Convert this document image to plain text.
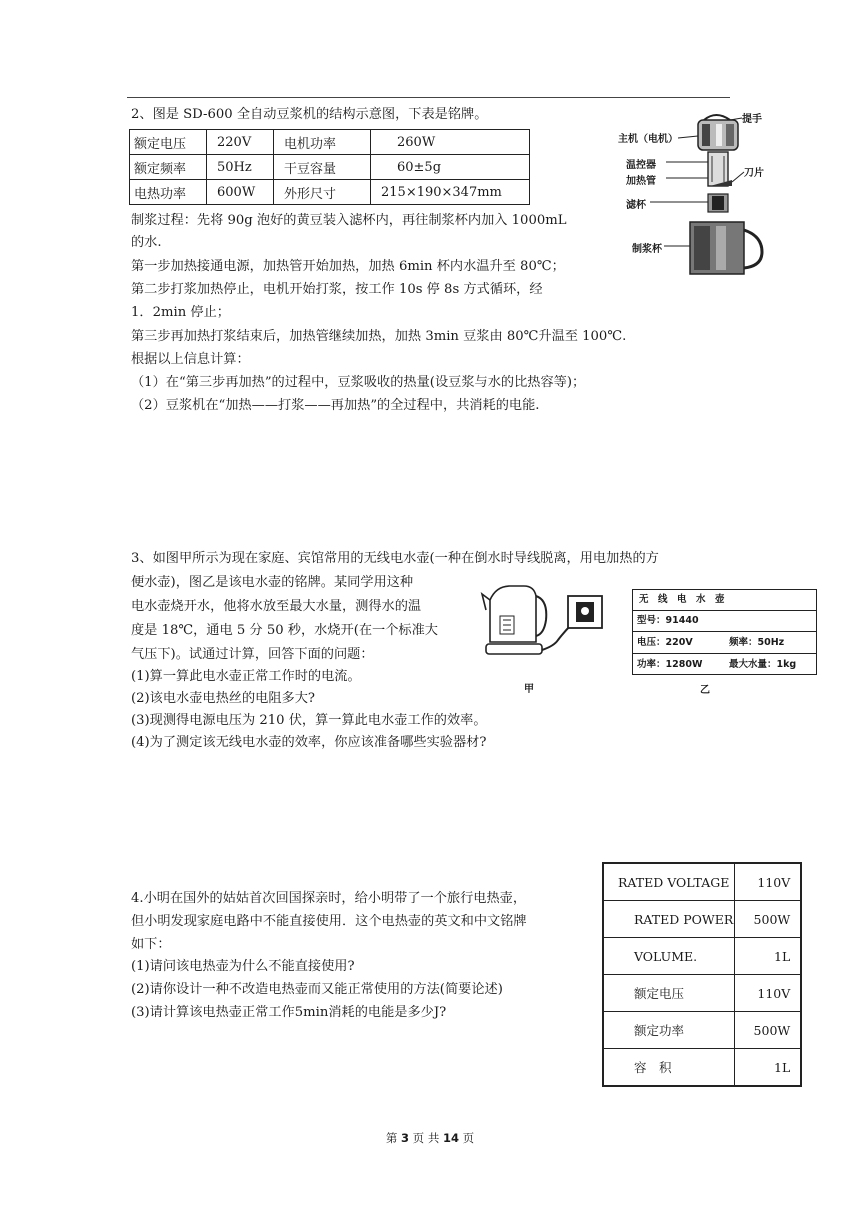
2、图是 SD-600 全自动豆浆机的结构示意图，下表是铭牌。
额定电压	220V	电机功率	260W
额定频率	50Hz	干豆容量	60±5g
电热功率	600W	外形尺寸	215×190×347mm
制浆过程：先将 90g 泡好的黄豆装入滤杯内，再往制浆杯内加入 1000mL
的水.
第一步加热接通电源，加热管开始加热，加热 6min 杯内水温升至 80℃；
第二步打浆加热停止，电机开始打浆，按工作 10s 停 8s 方式循环，经
1．2min 停止；
第三步再加热打浆结束后，加热管继续加热，加热 3min 豆浆由 80℃升温至 100℃.
根据以上信息计算：
（1）在“第三步再加热”的过程中，豆浆吸收的热量(设豆浆与水的比热容等)；
（2）豆浆机在“加热——打浆——再加热”的全过程中，共消耗的电能.
提手
主机（电机）
温控器
加热管
刀片
滤杯
制浆杯
3、如图甲所示为现在家庭、宾馆常用的无线电水壶(一种在倒水时导线脱离，用电加热的方
便水壶)，图乙是该电水壶的铭牌。某同学用这种
电水壶烧开水，他将水放至最大水量，测得水的温
度是 18℃，通电 5 分 50 秒，水烧开(在一个标准大
气压下)。试通过计算，回答下面的问题：
(1)算一算此电水壶正常工作时的电流。
(2)该电水壶电热丝的电阻多大?
(3)现测得电源电压为 210 伏，算一算此电水壶工作的效率。
(4)为了测定该无线电水壶的效率，你应该准备哪些实验器材?
甲
无　线　电　水　壶
型号：91440
电压：220V	频率：50Hz
功率：1280W	最大水量：1kg
乙
4.小明在国外的姑姑首次回国探亲时，给小明带了一个旅行电热壶，
但小明发现家庭电路中不能直接使用．这个电热壶的英文和中文铭牌
如下：
(1)请问该电热壶为什么不能直接使用?
(2)请你设计一种不改造电热壶而又能正常使用的方法(简要论述)
(3)请计算该电热壶正常工作5min消耗的电能是多少J?
RATED VOLTAGE	110V
RATED POWER	500W
VOLUME.	1L
额定电压	110V
额定功率	500W
容　积	1L
第 3 页 共 14 页
